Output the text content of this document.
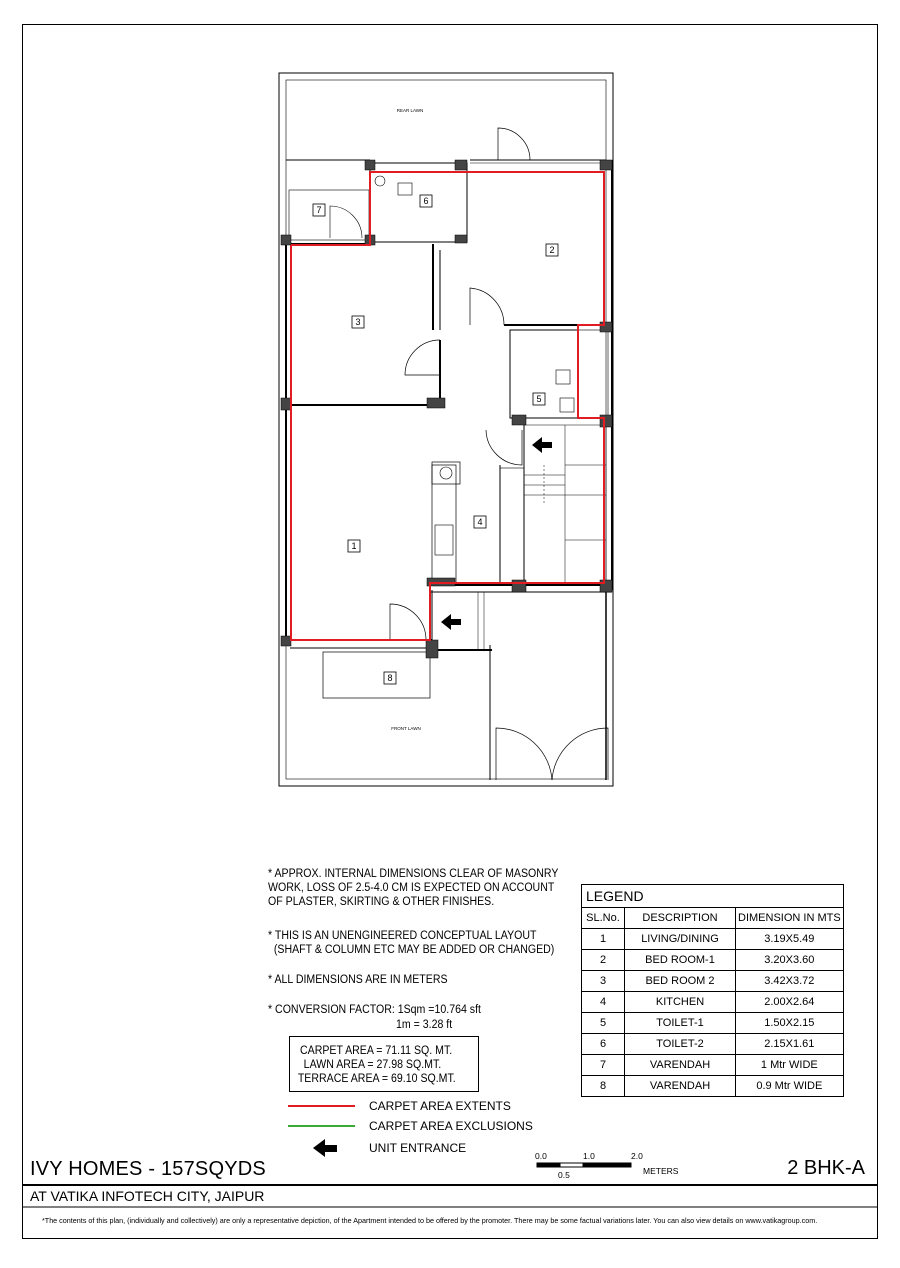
2
6
7
3
5
4
1
8
REAR LAWN
FRONT LAWN
* APPROX. INTERNAL DIMENSIONS CLEAR OF MASONRY
WORK, LOSS OF 2.5-4.0 CM IS EXPECTED ON ACCOUNT
OF PLASTER, SKIRTING & OTHER FINISHES.
* THIS IS AN UNENGINEERED CONCEPTUAL LAYOUT
(SHAFT & COLUMN ETC MAY BE ADDED OR CHANGED)
* ALL DIMENSIONS ARE IN METERS
* CONVERSION FACTOR: 1Sqm =10.764 sft
1m = 3.28 ft
CARPET AREA = 71.11 SQ. MT.
LAWN AREA = 27.98 SQ.MT.
TERRACE AREA = 69.10 SQ.MT.
CARPET AREA EXTENTS
CARPET AREA EXCLUSIONS
UNIT ENTRANCE
LEGEND		
SL.No.	DESCRIPTION	DIMENSION IN MTS
1	LIVING/DINING	3.19X5.49
2	BED ROOM-1	3.20X3.60
3	BED ROOM 2	3.42X3.72
4	KITCHEN	2.00X2.64
5	TOILET-1	1.50X2.15
6	TOILET-2	2.15X1.61
7	VARENDAH	1 Mtr WIDE
8	VARENDAH	0.9 Mtr WIDE
0.0	1.0	2.0
0.5	METERS
IVY HOMES - 157SQYDS
AT VATIKA INFOTECH CITY, JAIPUR
2 BHK-A
*The contents of this plan, (individually and collectively) are only a representative depiction, of the Apartment intended to be offered by the promoter. There may be some factual variations later. You can also view details on www.vatikagroup.com.
